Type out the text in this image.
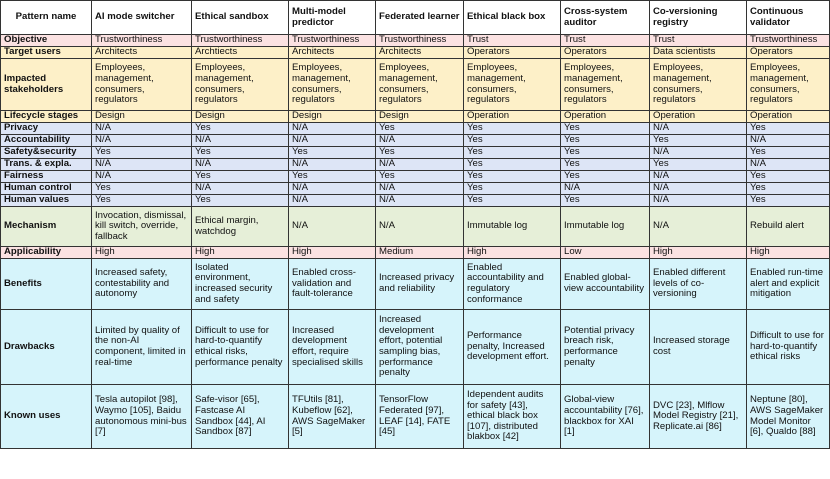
Pattern name	AI mode switcher	Ethical sandbox	Multi-model predictor	Federated learner	Ethical black box	Cross-system auditor	Co-versioning registry	Continuous validator
Objective	Trustworthiness	Trustworthiness	Trustworthiness	Trustworthiness	Trust	Trust	Trust	Trustworthiness
Target users	Architects	Archtiects	Architects	Architects	Operators	Operators	Data scientists	Operators
Impacted stakeholders	Employees, management, consumers, regulators	Employees, management, consumers, regulators	Employees, management, consumers, regulators	Employees, management, consumers, regulators	Employees, management, consumers, regulators	Employees, management, consumers, regulators	Employees, management, consumers, regulators	Employees, management, consumers, regulators
Lifecycle stages	Design	Design	Design	Design	Operation	Operation	Operation	Operation
Privacy	N/A	Yes	N/A	Yes	Yes	Yes	N/A	Yes
Accountability	N/A	N/A	N/A	N/A	Yes	Yes	Yes	N/A
Safety&security	Yes	Yes	Yes	Yes	Yes	Yes	N/A	Yes
Trans. & expla.	N/A	N/A	N/A	N/A	Yes	Yes	Yes	N/A
Fairness	N/A	Yes	Yes	Yes	Yes	Yes	N/A	Yes
Human control	Yes	N/A	N/A	N/A	Yes	N/A	N/A	Yes
Human values	Yes	Yes	N/A	N/A	Yes	Yes	N/A	Yes
Mechanism	Invocation, dismissal, kill switch, override, fallback	Ethical margin, watchdog	N/A	N/A	Immutable log	Immutable log	N/A	Rebuild alert
Applicability	High	High	High	Medium	High	Low	High	High
Benefits	Increased safety, contestability and autonomy	Isolated environment, increased security and safety	Enabled cross-validation and fault-tolerance	Increased privacy and reliability	Enabled accountability and regulatory conformance	Enabled global-view accountability	Enabled different levels of co-versioning	Enabled run-time alert and explicit mitigation
Drawbacks	Limited by quality of the non-AI component, limited in real-time	Difficult to use for hard-to-quantify ethical risks, performance penalty	Increased development effort, require specialised skills	Increased development effort, potential sampling bias, performance penalty	Performance penalty, Increased development effort.	Potential privacy breach risk, performance penalty	Increased storage cost	Difficult to use for hard-to-quantify ethical risks
Known uses	Tesla autopilot [98], Waymo [105], Baidu autonomous mini-bus [7]	Safe-visor [65], Fastcase AI Sandbox [44], AI Sandbox [87]	TFUtils [81], Kubeflow [62], AWS SageMaker [5]	TensorFlow Federated [97], LEAF [14], FATE [45]	Idependent audits for safety [43], ethical black box [107], distributed blakbox [42]	Global-view accountability [76], blackbox for XAI [1]	DVC [23], Mlflow Model Registry [21], Replicate.ai [86]	Neptune [80], AWS SageMaker Model Monitor [6], Qualdo [88]
